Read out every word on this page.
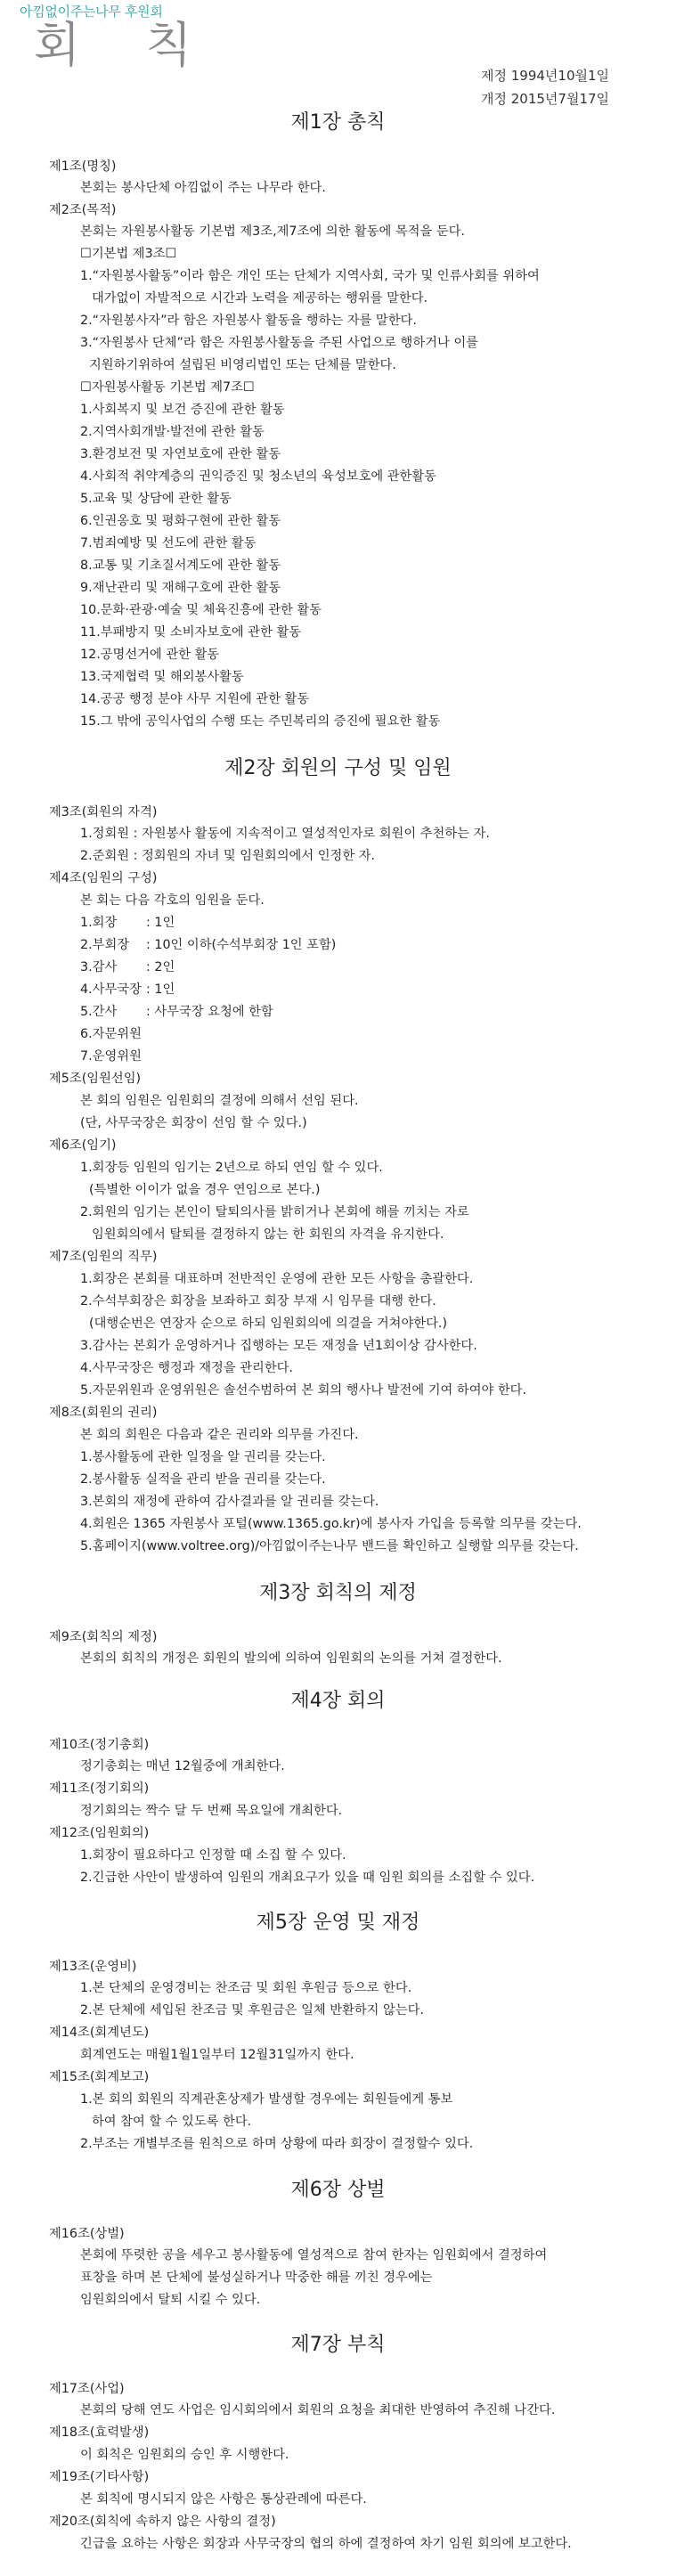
아낌없이주는나무 후원회
회 칙
제정 1994년10월1일
개정 2015년7월17일
제1장 총칙
제1조(명칭)
본회는 봉사단체 아낌없이 주는 나무라 한다.
제2조(목적)
본회는 자원봉사활동 기본법 제3조,제7조에 의한 활동에 목적을 둔다.
☐기본법 제3조☐
1.“자원봉사활동”이라 함은 개인 또는 단체가 지역사회, 국가 및 인류사회를 위하여
대가없이 자발적으로 시간과 노력을 제공하는 행위를 말한다.
2.“자원봉사자”라 함은 자원봉사 활동을 행하는 자를 말한다.
3.“자원봉사 단체”라 함은 자원봉사활동을 주된 사업으로 행하거나 이를
지원하기위하여 설립된 비영리법인 또는 단체를 말한다.
☐자원봉사활동 기본법 제7조☐
1.사회복지 및 보건 증진에 관한 활동
2.지역사회개발·발전에 관한 활동
3.환경보전 및 자연보호에 관한 활동
4.사회적 취약계층의 권익증진 및 청소년의 육성보호에 관한활동
5.교육 및 상담에 관한 활동
6.인권옹호 및 평화구현에 관한 활동
7.범죄예방 및 선도에 관한 활동
8.교통 및 기초질서계도에 관한 활동
9.재난관리 및 재해구호에 관한 활동
10.문화·관광·예술 및 체육진흥에 관한 활동
11.부패방지 및 소비자보호에 관한 활동
12.공명선거에 관한 활동
13.국제협력 및 해외봉사활동
14.공공 행정 분야 사무 지원에 관한 활동
15.그 밖에 공익사업의 수행 또는 주민복리의 증진에 필요한 활동
제2장 회원의 구성 및 임원
제3조(회원의 자격)
1.정회원 : 자원봉사 활동에 지속적이고 열성적인자로 회원이 추천하는 자.
2.준회원 : 정회원의 자녀 및 임원회의에서 인정한 자.
제4조(임원의 구성)
본 회는 다음 각호의 임원을 둔다.
1.회장 : 1인
2.부회장 : 10인 이하(수석부회장 1인 포함)
3.감사 : 2인
4.사무국장 : 1인
5.간사 : 사무국장 요청에 한함
6.자문위원
7.운영위원
제5조(임원선임)
본 회의 임원은 임원회의 결정에 의해서 선임 된다.
(단, 사무국장은 회장이 선임 할 수 있다.)
제6조(임기)
1.회장등 임원의 임기는 2년으로 하되 연임 할 수 있다.
(특별한 이이가 없을 경우 연임으로 본다.)
2.회원의 임기는 본인이 탈퇴의사를 밝히거나 본회에 해를 끼치는 자로
임원회의에서 탈퇴를 결정하지 않는 한 회원의 자격을 유지한다.
제7조(임원의 직무)
1.회장은 본회를 대표하며 전반적인 운영에 관한 모든 사항을 총괄한다.
2.수석부회장은 회장을 보좌하고 회장 부재 시 임무를 대행 한다.
(대행순번은 연장자 순으로 하되 임원회의에 의결을 거쳐야한다.)
3.감사는 본회가 운영하거나 집행하는 모든 재정을 년1회이상 감사한다.
4.사무국장은 행정과 재정을 관리한다.
5.자문위원과 운영위원은 솔선수범하여 본 회의 행사나 발전에 기여 하여야 한다.
제8조(회원의 권리)
본 회의 회원은 다음과 같은 권리와 의무를 가진다.
1.봉사활동에 관한 일정을 알 권리를 갖는다.
2.봉사활동 실적을 관리 받을 권리를 갖는다.
3.본회의 재정에 관하여 감사결과를 알 권리를 갖는다.
4.회원은 1365 자원봉사 포털(www.1365.go.kr)에 봉사자 가입을 등록할 의무를 갖는다.
5.홈페이지(www.voltree.org)/아낌없이주는나무 밴드를 확인하고 실행할 의무를 갖는다.
제3장 회칙의 제정
제9조(회칙의 제정)
본회의 회칙의 개정은 회원의 발의에 의하여 임원회의 논의를 거쳐 결정한다.
제4장 회의
제10조(정기총회)
정기총회는 매년 12월중에 개최한다.
제11조(정기회의)
정기회의는 짝수 달 두 번째 목요일에 개최한다.
제12조(임원회의)
1.회장이 필요하다고 인정할 때 소집 할 수 있다.
2.긴급한 사안이 발생하여 임원의 개최요구가 있을 때 임원 회의를 소집할 수 있다.
제5장 운영 및 재정
제13조(운영비)
1.본 단체의 운영경비는 찬조금 및 회원 후원금 등으로 한다.
2.본 단체에 세입된 찬조금 및 후원금은 일체 반환하지 않는다.
제14조(회계년도)
회계연도는 매월1월1일부터 12월31일까지 한다.
제15조(회계보고)
1.본 회의 회원의 직계관혼상제가 발생할 경우에는 회원들에게 통보
하여 참여 할 수 있도록 한다.
2.부조는 개별부조를 원칙으로 하며 상황에 따라 회장이 결정할수 있다.
제6장 상벌
제16조(상벌)
본회에 뚜렷한 공을 세우고 봉사활동에 열성적으로 참여 한자는 임원회에서 결정하여
표창을 하며 본 단체에 불성실하거나 막중한 해를 끼친 경우에는
임원회의에서 탈퇴 시킬 수 있다.
제7장 부칙
제17조(사업)
본회의 당해 연도 사업은 임시회의에서 회원의 요청을 최대한 반영하여 추진해 나간다.
제18조(효력발생)
이 회칙은 임원회의 승인 후 시행한다.
제19조(기타사항)
본 회칙에 명시되지 않은 사항은 통상관례에 따른다.
제20조(회칙에 속하지 않은 사항의 결정)
긴급을 요하는 사항은 회장과 사무국장의 협의 하에 결정하여 차기 임원 회의에 보고한다.
